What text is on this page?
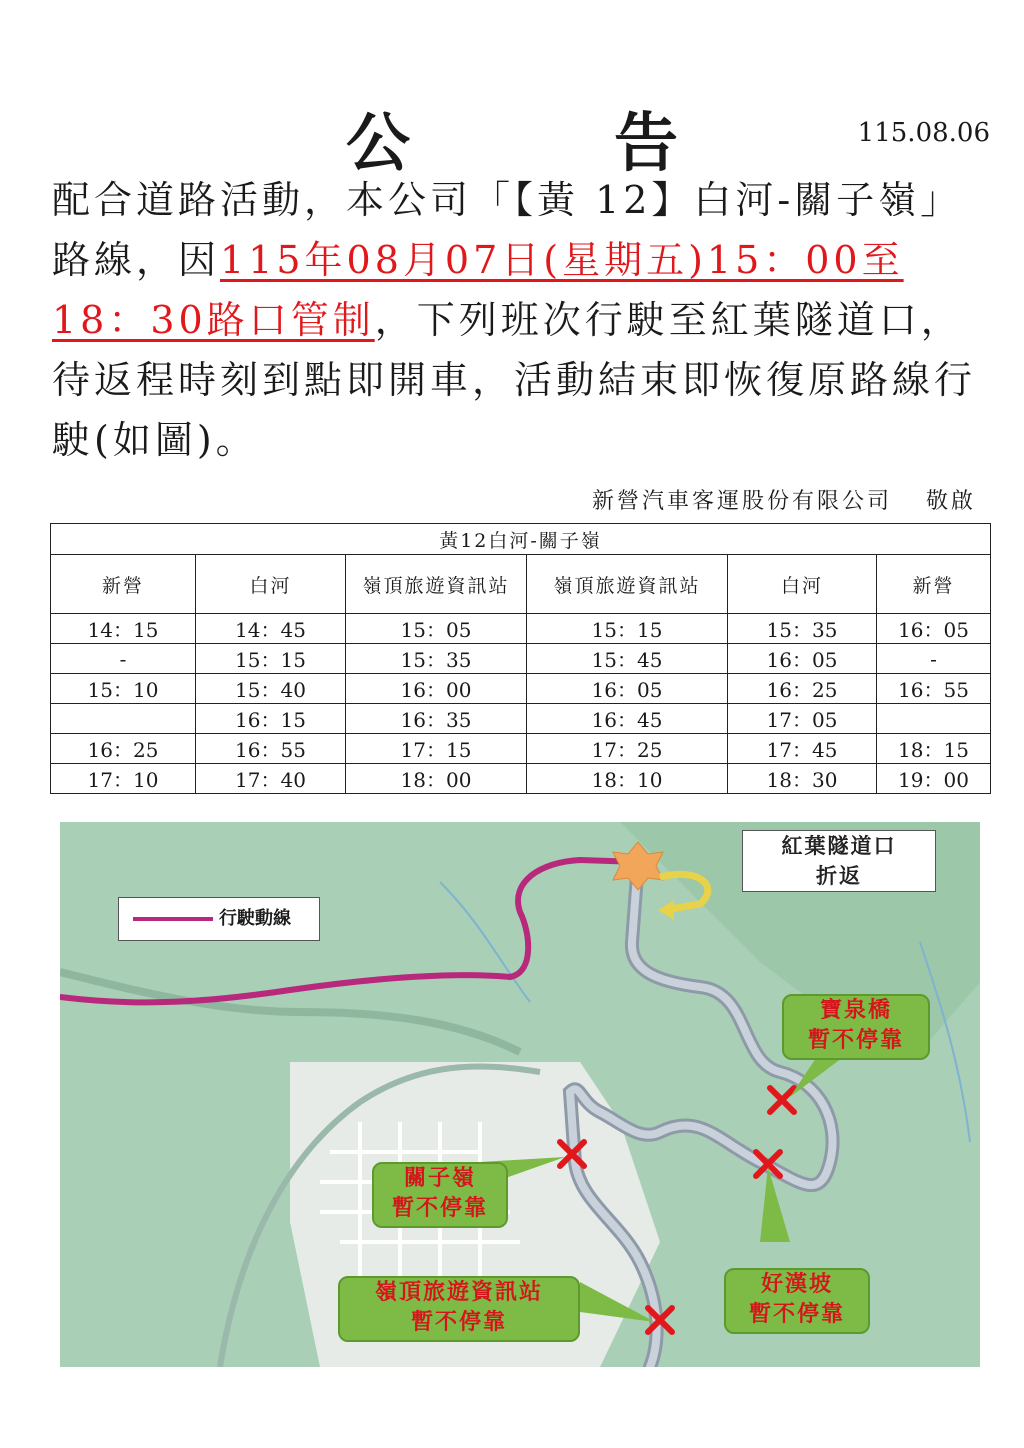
公　告	115.08.06
配合道路活動，本公司「【黃 12】白河-關子嶺」路線，因115年08月07日(星期五)15：00至18：30路口管制，下列班次行駛至紅葉隧道口，待返程時刻到點即開車，活動結束即恢復原路線行駛(如圖)。
新營汽車客運股份有限公司 敬啟
黃12白河-關子嶺					
新營	白河	嶺頂旅遊資訊站	嶺頂旅遊資訊站	白河	新營
14：15	14：45	15：05	15：15	15：35	16：05
-	15：15	15：35	15：45	16：05	-
15：10	15：40	16：00	16：05	16：25	16：55
	16：15	16：35	16：45	17：05	
16：25	16：55	17：15	17：25	17：45	18：15
17：10	17：40	18：00	18：10	18：30	19：00
行駛動線
紅葉隧道口
折返
寶泉橋
暫不停靠
關子嶺
暫不停靠
好漢坡
暫不停靠
嶺頂旅遊資訊站
暫不停靠
